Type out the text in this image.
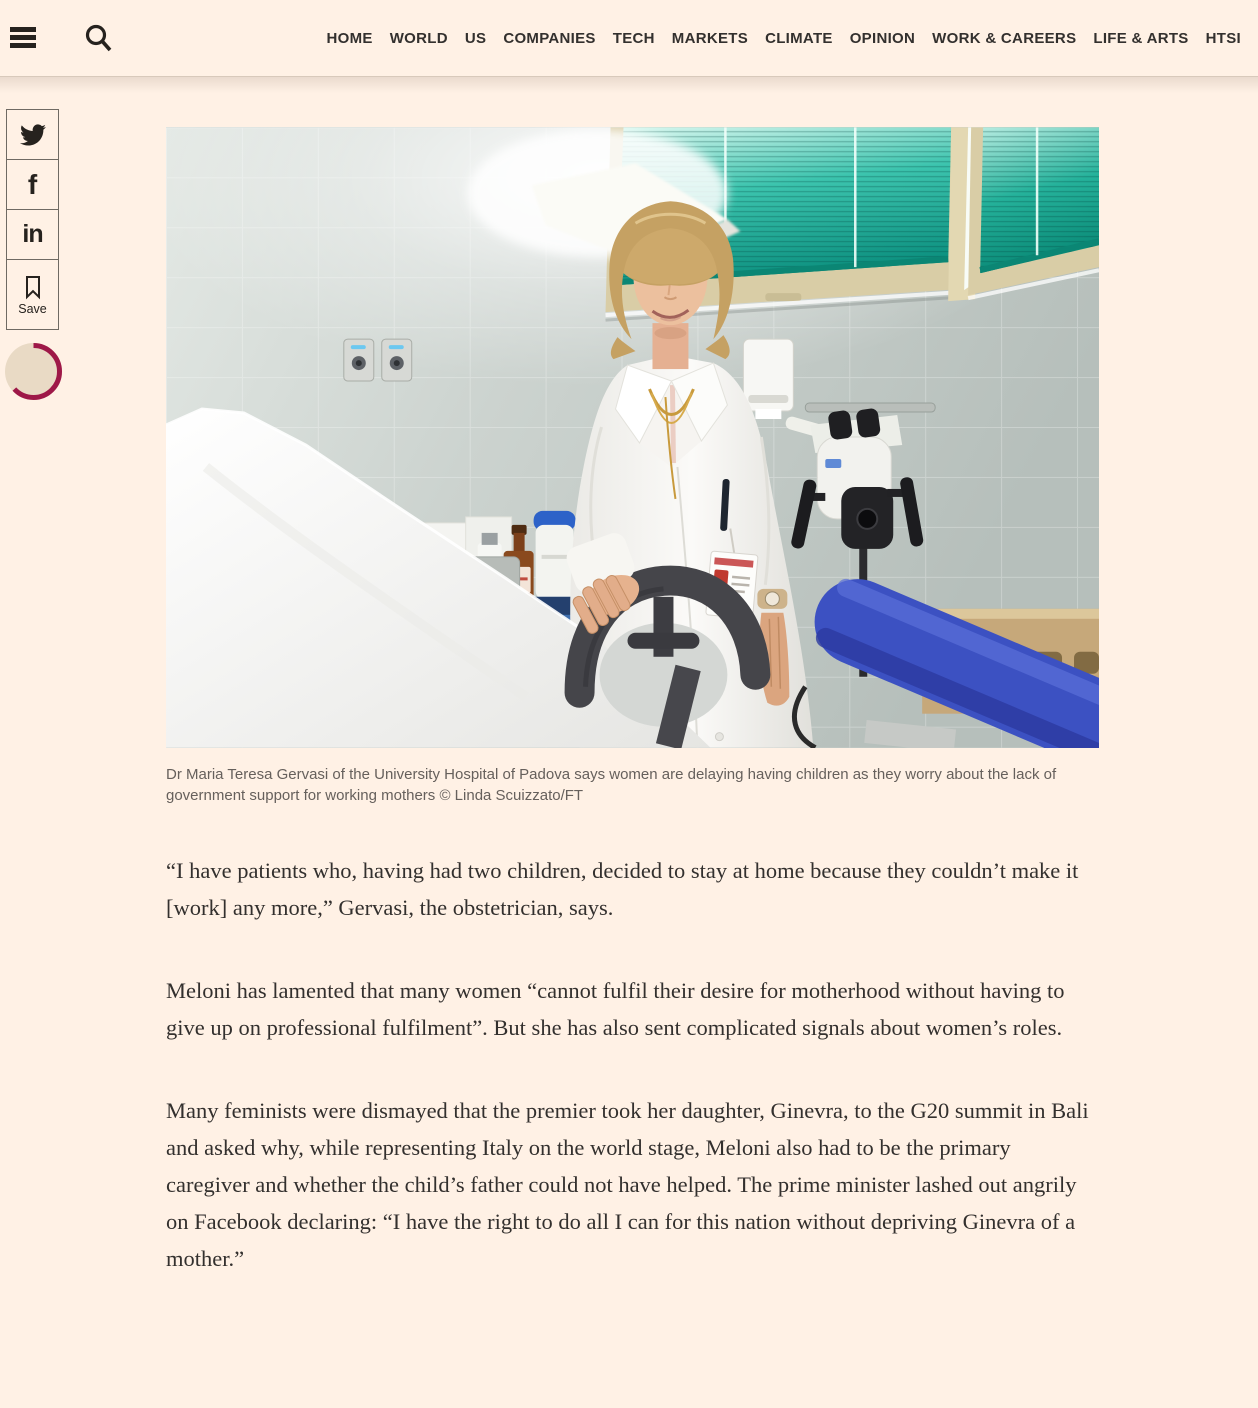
HOME WORLD US COMPANIES TECH MARKETS CLIMATE OPINION WORK & CAREERS LIFE & ARTS HTSI
f
in
Save
Dr Maria Teresa Gervasi of the University Hospital of Padova says women are delaying having children as they worry about the lack of government support for working mothers © Linda Scuizzato/FT

“I have patients who, having had two children, decided to stay at home because they couldn’t make it [work] any more,” Gervasi, the obstetrician, says.

Meloni has lamented that many women “cannot fulfil their desire for motherhood without having to give up on professional fulfilment”. But she has also sent complicated signals about women’s roles.

Many feminists were dismayed that the premier took her daughter, Ginevra, to the G20 summit in Bali and asked why, while representing Italy on the world stage, Meloni also had to be the primary caregiver and whether the child’s father could not have helped. The prime minister lashed out angrily on Facebook declaring: “I have the right to do all I can for this nation without depriving Ginevra of a mother.”
